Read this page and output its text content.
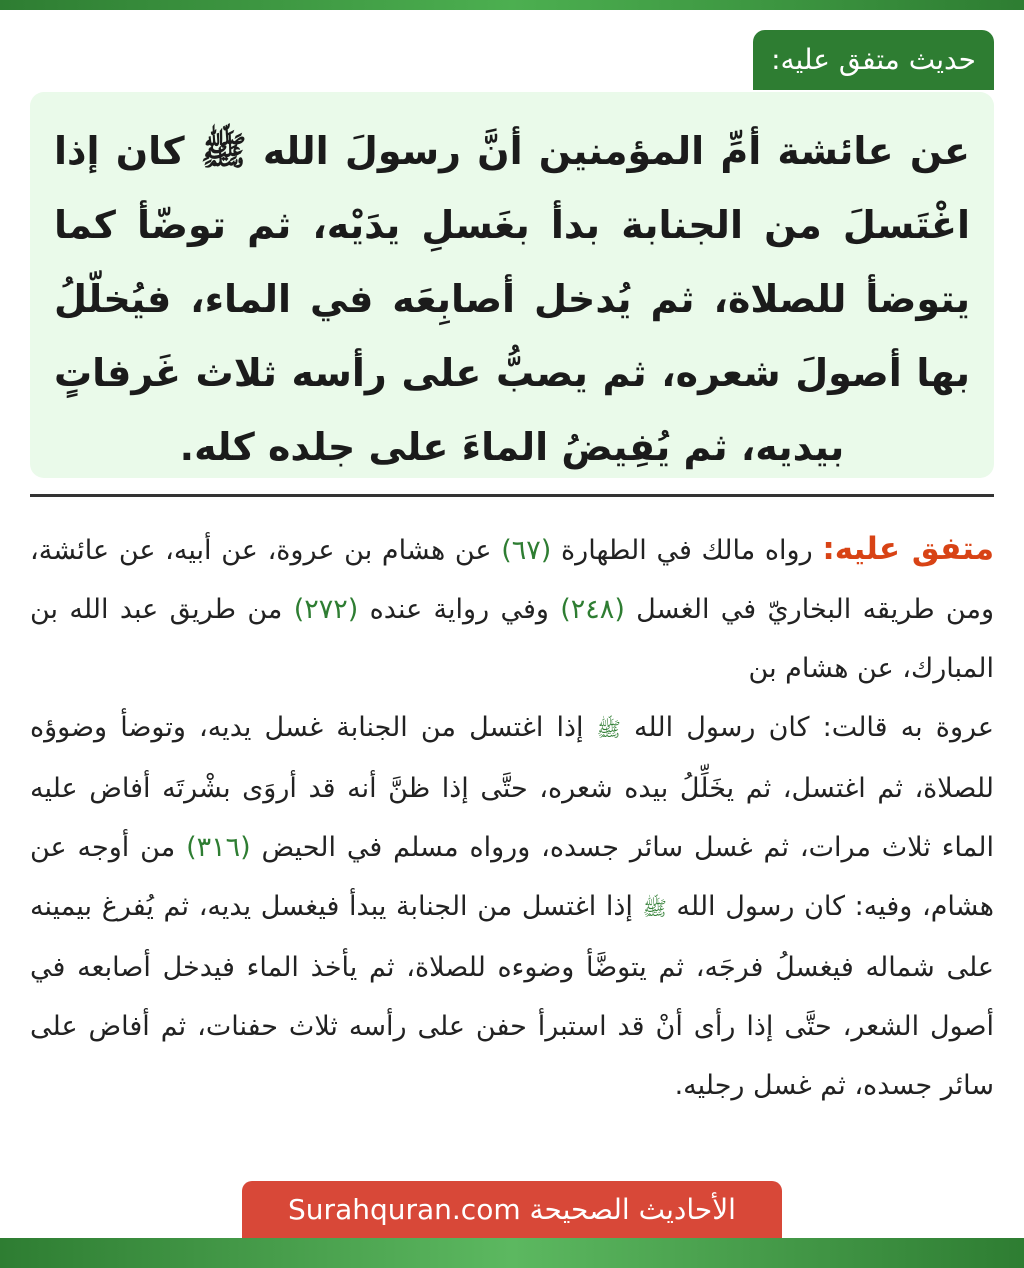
حديث متفق عليه:

عن عائشة أمِّ المؤمنين أنَّ رسولَ الله ﷺ كان إذا اغْتَسلَ من الجنابة بدأ بغَسلِ يدَيْه، ثم توضّأ كما يتوضأ للصلاة، ثم يُدخل أصابِعَه في الماء، فيُخلّلُ بها أصولَ شعره، ثم يصبُّ على رأسه ثلاث غَرفاتٍ بيديه، ثم يُفِيضُ الماءَ على جلده كله.

متفق عليه: رواه مالك في الطهارة (٦٧) عن هشام بن عروة، عن أبيه، عن عائشة، ومن طريقه البخاريّ في الغسل (٢٤٨) وفي رواية عنده (٢٧٢) من طريق عبد الله بن المبارك، عن هشام بن

عروة به قالت: كان رسول الله ﷺ إذا اغتسل من الجنابة غسل يديه، وتوضأ وضوؤه للصلاة، ثم اغتسل، ثم يخَلِّلُ بيده شعره، حتَّى إذا ظنَّ أنه قد أروَى بشْرتَه أفاض عليه الماء ثلاث مرات، ثم غسل سائر جسده، ورواه مسلم في الحيض (٣١٦) من أوجه عن هشام، وفيه: كان رسول الله ﷺ إذا اغتسل من الجنابة يبدأ فيغسل يديه، ثم يُفرغ بيمينه على شماله فيغسلُ فرجَه، ثم يتوضَّأ وضوءه للصلاة، ثم يأخذ الماء فيدخل أصابعه في أصول الشعر، حتَّى إذا رأى أنْ قد استبرأ حفن على رأسه ثلاث حفنات، ثم أفاض على سائر جسده، ثم غسل رجليه.

الأحاديث الصحيحة Surahquran.com
